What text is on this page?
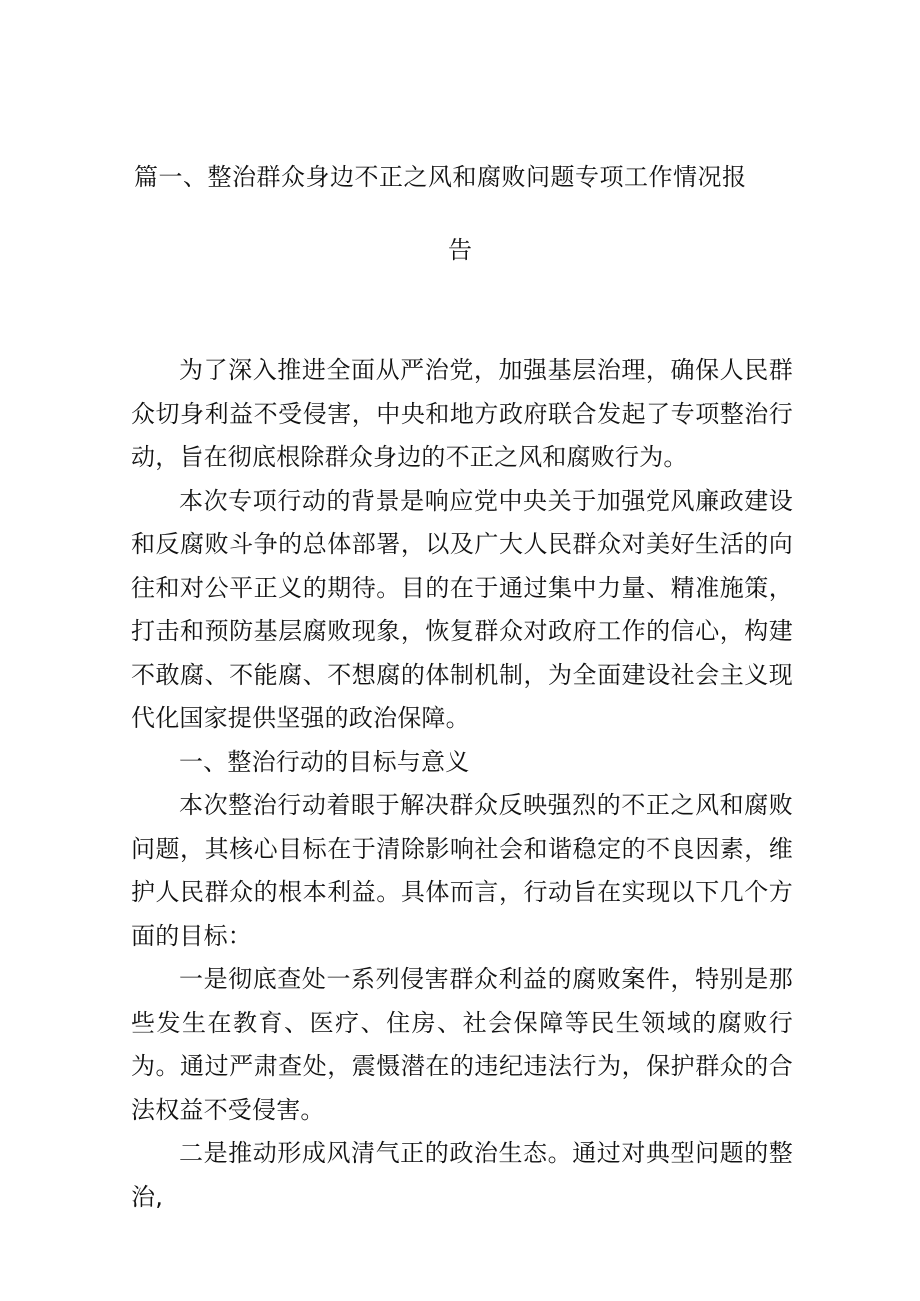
篇一、整治群众身边不正之风和腐败问题专项工作情况报
告

为了深入推进全面从严治党，加强基层治理，确保人民群众切身利益不受侵害，中央和地方政府联合发起了专项整治行动，旨在彻底根除群众身边的不正之风和腐败行为。

本次专项行动的背景是响应党中央关于加强党风廉政建设和反腐败斗争的总体部署，以及广大人民群众对美好生活的向往和对公平正义的期待。目的在于通过集中力量、精准施策，打击和预防基层腐败现象，恢复群众对政府工作的信心，构建不敢腐、不能腐、不想腐的体制机制，为全面建设社会主义现代化国家提供坚强的政治保障。

一、整治行动的目标与意义

本次整治行动着眼于解决群众反映强烈的不正之风和腐败问题，其核心目标在于清除影响社会和谐稳定的不良因素，维护人民群众的根本利益。具体而言，行动旨在实现以下几个方面的目标：

一是彻底查处一系列侵害群众利益的腐败案件，特别是那些发生在教育、医疗、住房、社会保障等民生领域的腐败行为。通过严肃查处，震慑潜在的违纪违法行为，保护群众的合法权益不受侵害。

二是推动形成风清气正的政治生态。通过对典型问题的整治,
